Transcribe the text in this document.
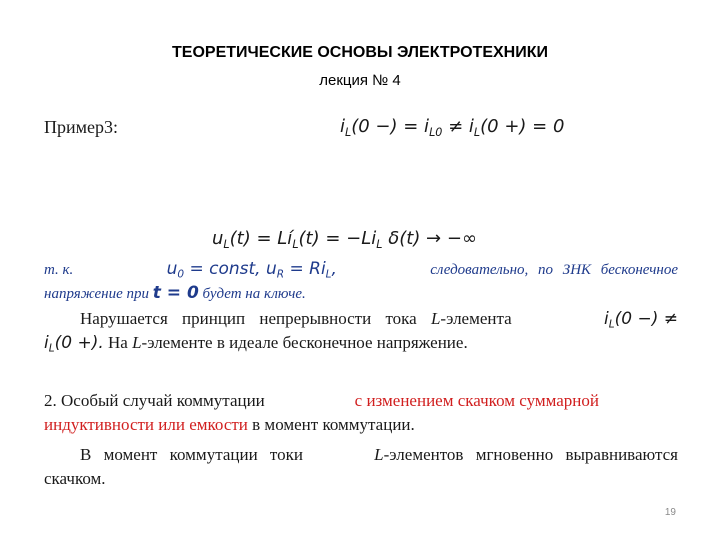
ТЕОРЕТИЧЕСКИЕ ОСНОВЫ ЭЛЕКТРОТЕХНИКИ
лекция № 4
Пример3:	$i_L(0$ −) = $i_{L0} \ne i_L(0$ +) = 0
$u_L(t)$ = $Lí_L(t) = -Li_L$ δ(t) → −∞
т. к.	$u_0$ = const, $u_R = Ri_L$,	следовательно, по ЗНК бесконечное
напряжение при t = 0 будет на ключе.
Нарушается принцип непрерывности тока L-элемента	$i_L(0$ −) ≠
$i_L(0$ +). На L-элементе в идеале бесконечное напряжение.
2. Особый случай коммутации	с изменением скачком суммарной
индуктивности или емкости в момент коммутации.
В момент коммутации токи	L-элементов мгновенно выравниваются
скачком.
19
